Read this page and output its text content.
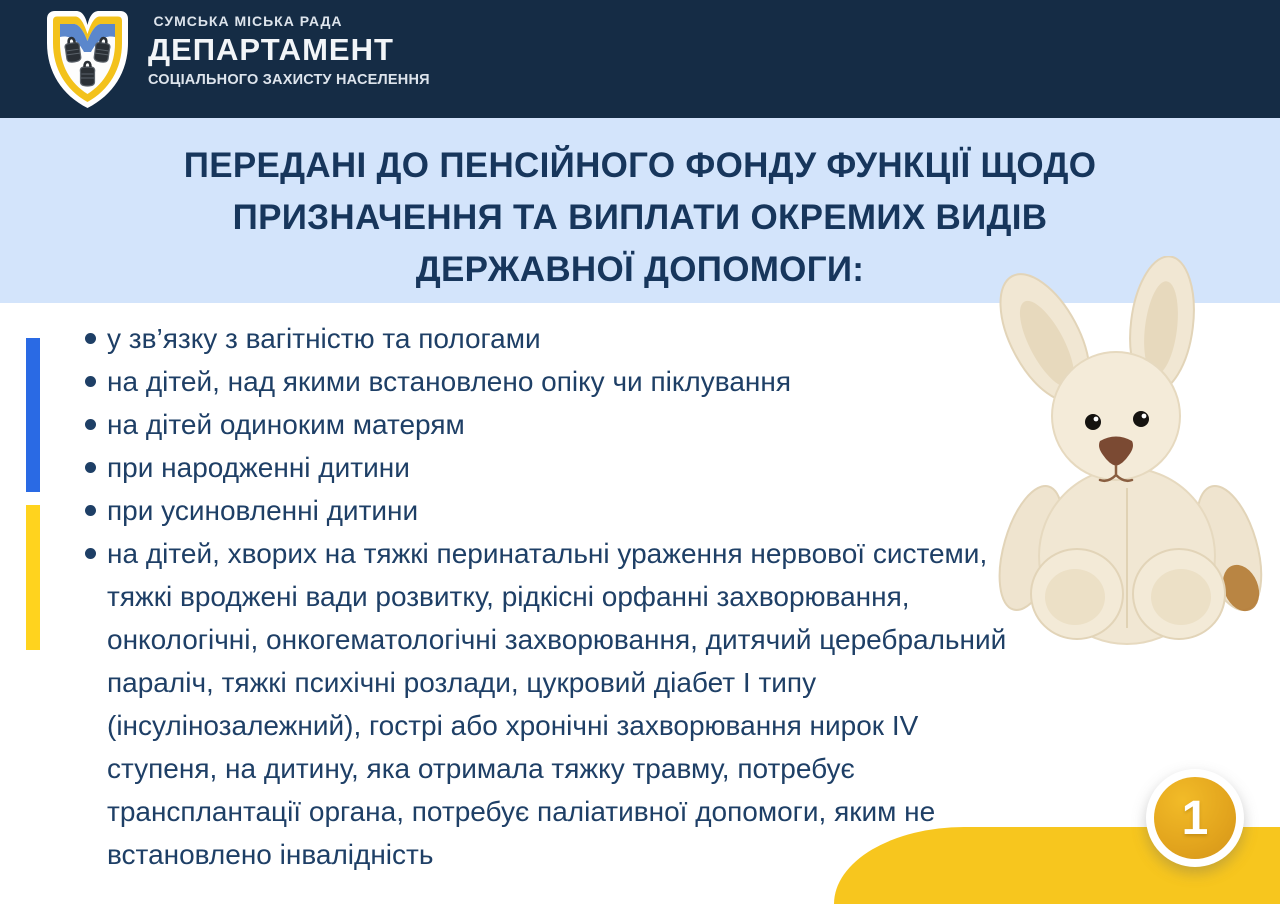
СУМСЬКА МІСЬКА РАДА
ДЕПАРТАМЕНТ
СОЦІАЛЬНОГО ЗАХИСТУ НАСЕЛЕННЯ
ПЕРЕДАНІ ДО ПЕНСІЙНОГО ФОНДУ ФУНКЦІЇ ЩОДО
ПРИЗНАЧЕННЯ ТА ВИПЛАТИ ОКРЕМИХ ВИДІВ
ДЕРЖАВНОЇ ДОПОМОГИ:
у зв’язку з вагітністю та пологами
на дітей, над якими встановлено опіку чи піклування
на дітей одиноким матерям
при народженні дитини
при усиновленні дитини
на дітей, хворих на тяжкі перинатальні ураження нервової системи, тяжкі вроджені вади розвитку, рідкісні орфанні захворювання, онкологічні, онкогематологічні захворювання, дитячий церебральний параліч, тяжкі психічні розлади, цукровий діабет I типу (інсулінозалежний), гострі або хронічні захворювання нирок IV ступеня, на дитину, яка отримала тяжку травму, потребує трансплантації органа, потребує паліативної допомоги, яким не встановлено інвалідність
1
